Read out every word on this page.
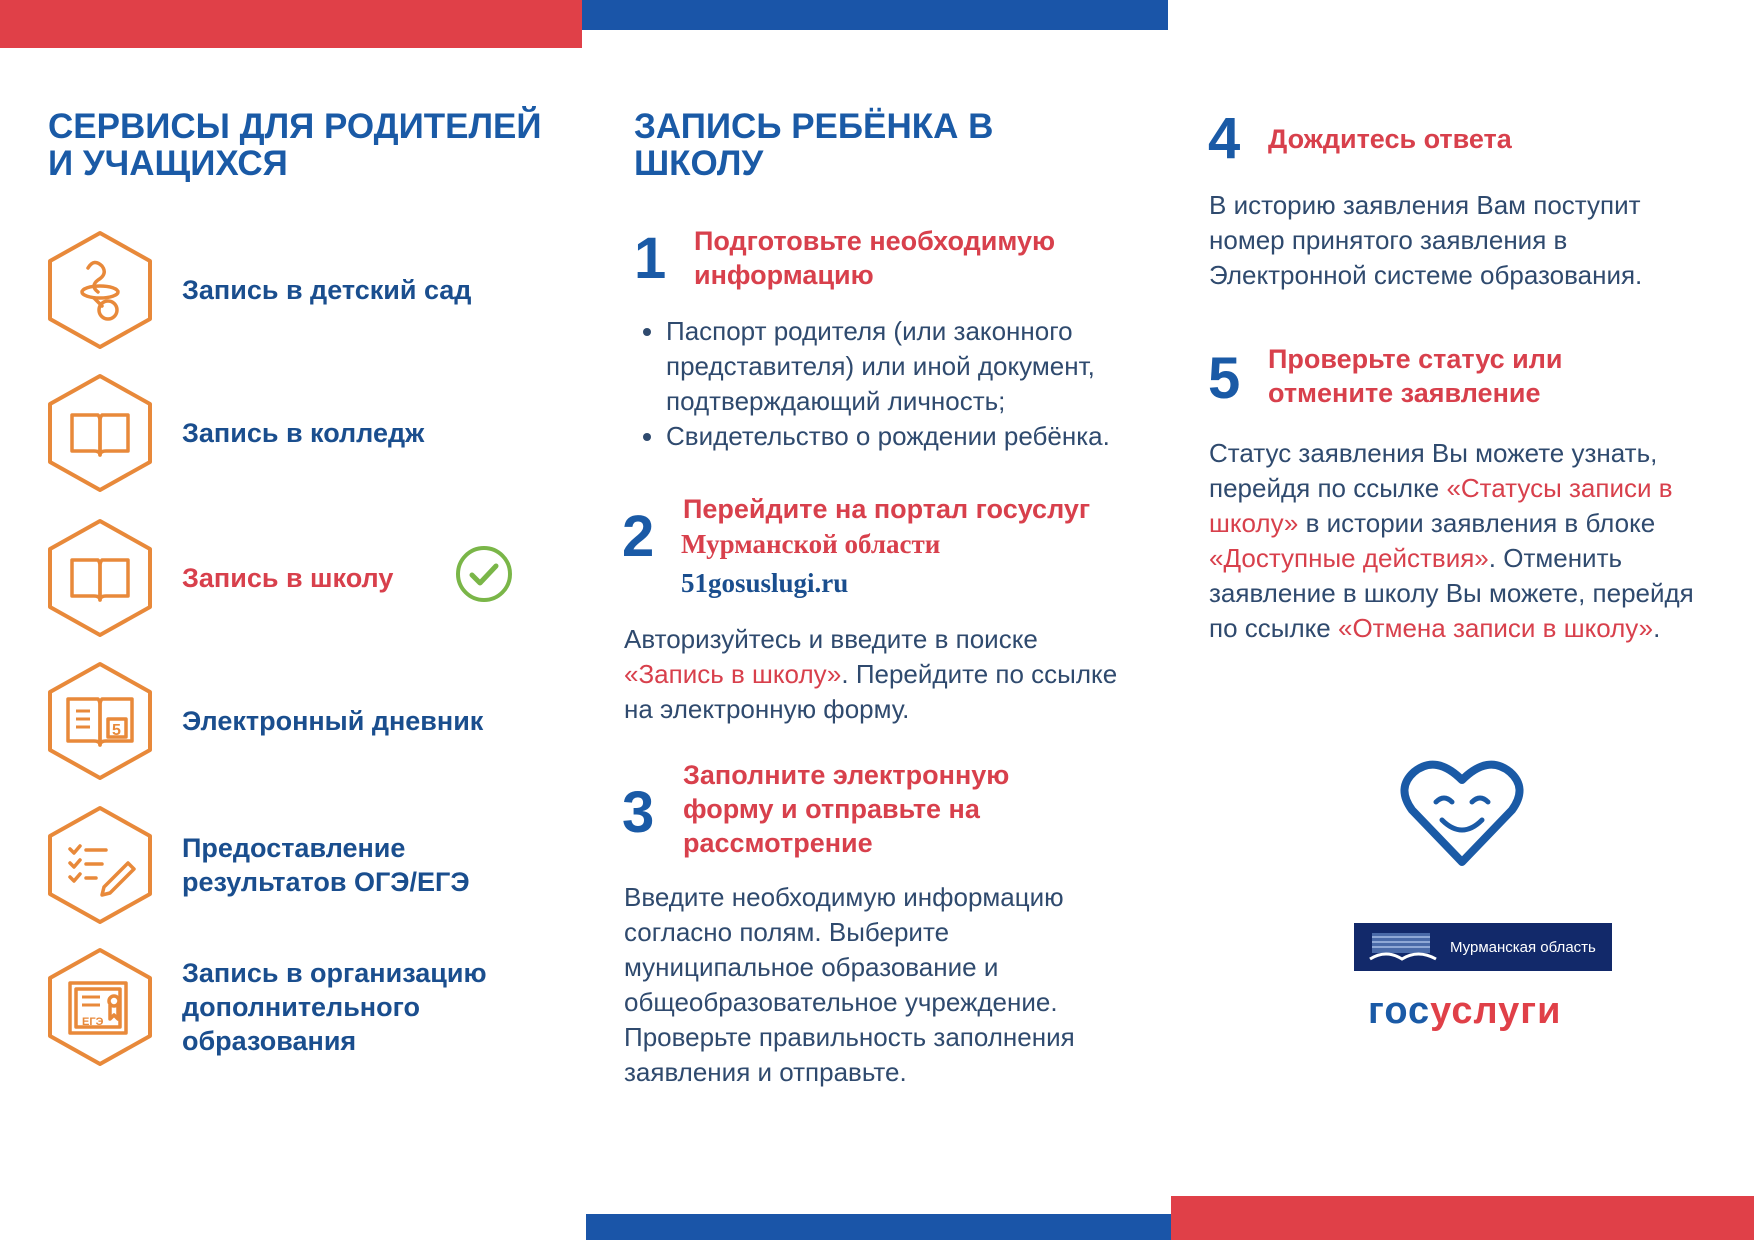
СЕРВИСЫ ДЛЯ РОДИТЕЛЕЙ И УЧАЩИХСЯ
Запись в детский сад
Запись в колледж
Запись в школу
5 Электронный дневник
Предоставление результатов ОГЭ/ЕГЭ
ЕГЭ
Запись в организацию дополнительного образования
ЗАПИСЬ РЕБЁНКА В ШКОЛУ
1 Подготовьте необходимую информацию
• Паспорт родителя (или законного представителя) или иной документ, подтверждающий личность;
• Свидетельство о рождении ребёнка.
2 Перейдите на портал госуслуг
Мурманской области
51gosuslugi.ru
Авторизуйтесь и введите в поиске «Запись в школу». Перейдите по ссылке на электронную форму.
3
Заполните электронную форму и отправьте на рассмотрение
Введите необходимую информацию согласно полям. Выберите муниципальное образование и общеобразовательное учреждение. Проверьте правильность заполнения заявления и отправьте.
4 Дождитесь ответа
В историю заявления Вам поступит номер принятого заявления в Электронной системе образования.
5 Проверьте статус или отмените заявление
Статус заявления Вы можете узнать, перейдя по ссылке «Статусы записи в школу» в истории заявления в блоке «Доступные действия». Отменить заявление в школу Вы можете, перейдя по ссылке «Отмена записи в школу».
Мурманская область
госуслуги
